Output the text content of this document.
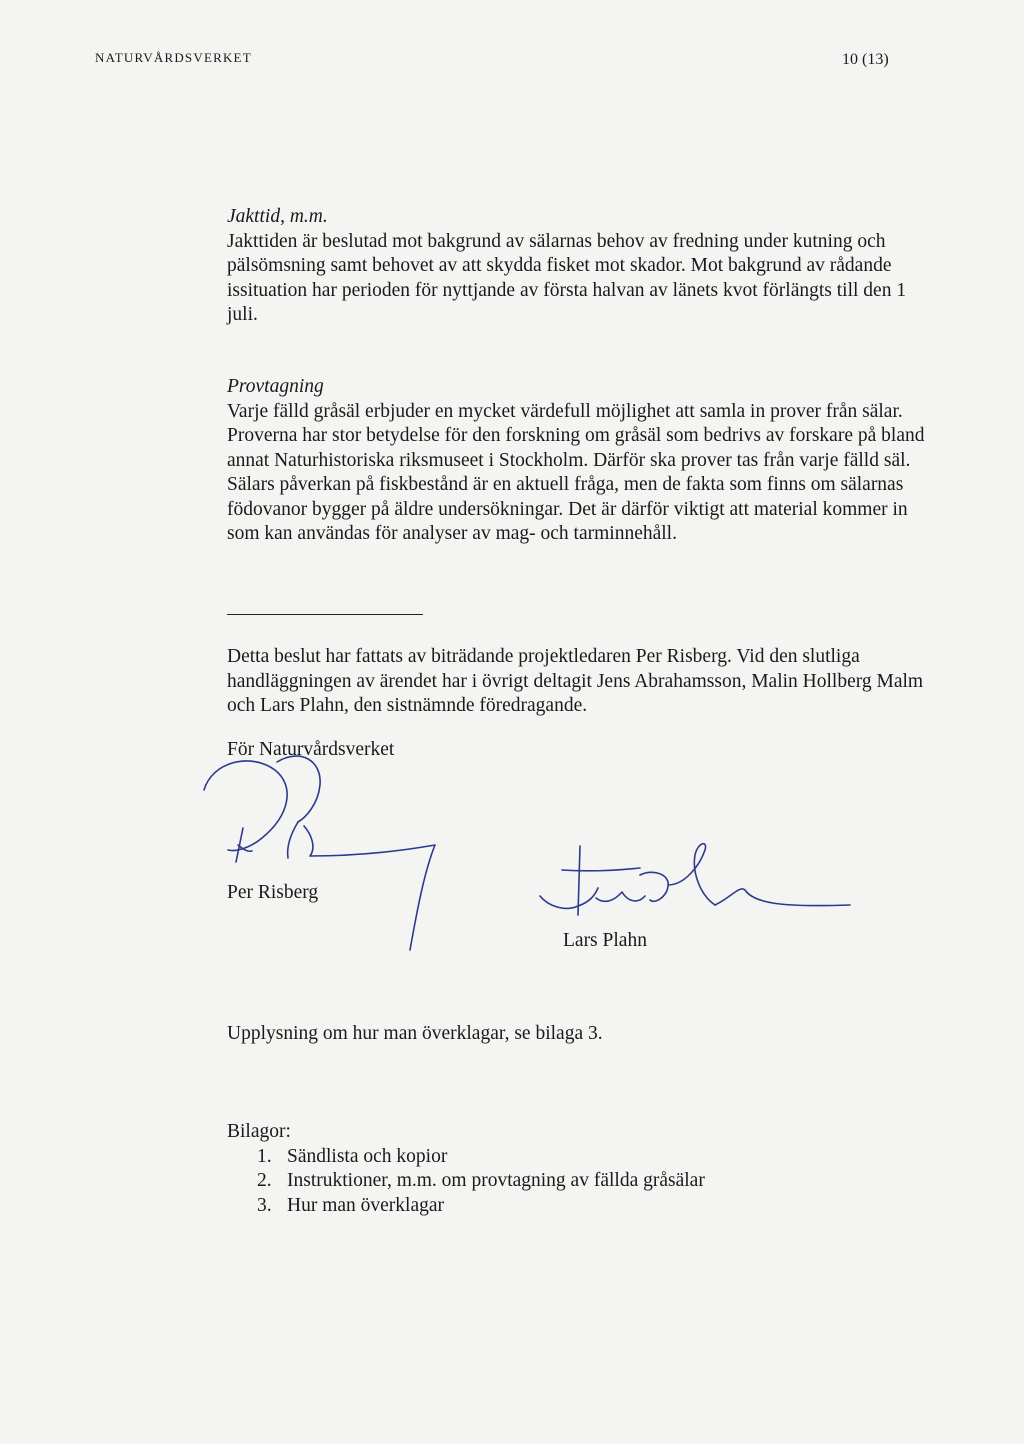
NATURVÅRDSVERKET	10 (13)

Jakttid, m.m.

Jakttiden är beslutad mot bakgrund av sälarnas behov av fredning under kutning och pälsömsning samt behovet av att skydda fisket mot skador. Mot bakgrund av rådande issituation har perioden för nyttjande av första halvan av länets kvot förlängts till den 1 juli.

Provtagning

Varje fälld gråsäl erbjuder en mycket värdefull möjlighet att samla in prover från sälar. Proverna har stor betydelse för den forskning om gråsäl som bedrivs av forskare på bland annat Naturhistoriska riksmuseet i Stockholm. Därför ska prover tas från varje fälld säl. Sälars påverkan på fiskbestånd är en aktuell fråga, men de fakta som finns om sälarnas födovanor bygger på äldre undersökningar. Det är därför viktigt att material kommer in som kan användas för analyser av mag- och tarminnehåll.

Detta beslut har fattats av biträdande projektledaren Per Risberg. Vid den slutliga handläggningen av ärendet har i övrigt deltagit Jens Abrahamsson, Malin Hollberg Malm och Lars Plahn, den sistnämnde föredragande.

För Naturvårdsverket
Per Risberg
Lars Plahn
Upplysning om hur man överklagar, se bilaga 3.
Bilagor:
1. Sändlista och kopior
2. Instruktioner, m.m. om provtagning av fällda gråsälar
3. Hur man överklagar
